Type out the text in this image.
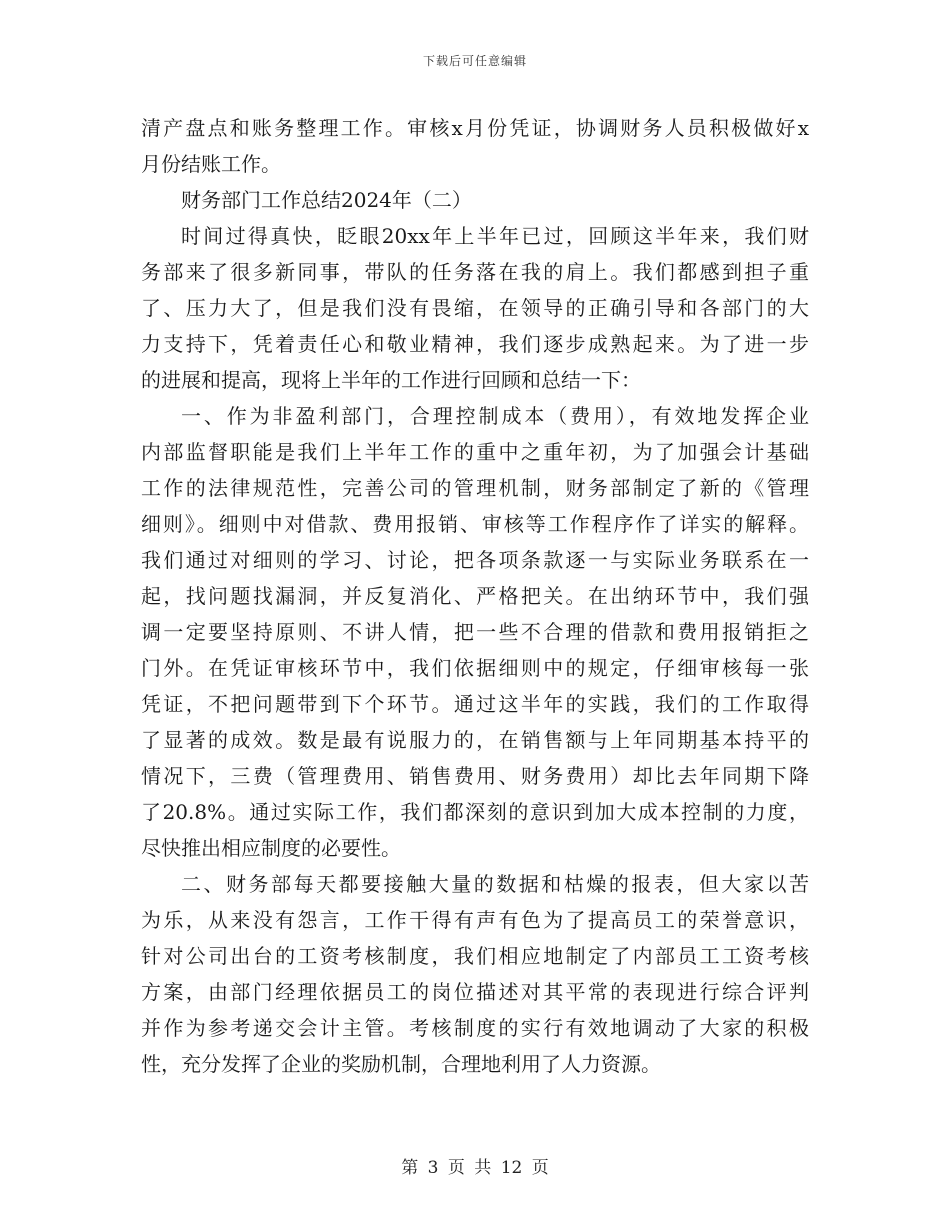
下载后可任意编辑
清产盘点和账务整理工作。审核x月份凭证，协调财务人员积极做好x
月份结账工作。
财务部门工作总结2024年（二）
时间过得真快，眨眼20xx年上半年已过，回顾这半年来，我们财
务部来了很多新同事，带队的任务落在我的肩上。我们都感到担子重
了、压力大了，但是我们没有畏缩，在领导的正确引导和各部门的大
力支持下，凭着责任心和敬业精神，我们逐步成熟起来。为了进一步
的进展和提高，现将上半年的工作进行回顾和总结一下：
一、作为非盈利部门，合理控制成本（费用），有效地发挥企业
内部监督职能是我们上半年工作的重中之重年初，为了加强会计基础
工作的法律规范性，完善公司的管理机制，财务部制定了新的《管理
细则》。细则中对借款、费用报销、审核等工作程序作了详实的解释。
我们通过对细则的学习、讨论，把各项条款逐一与实际业务联系在一
起，找问题找漏洞，并反复消化、严格把关。在出纳环节中，我们强
调一定要坚持原则、不讲人情，把一些不合理的借款和费用报销拒之
门外。在凭证审核环节中，我们依据细则中的规定，仔细审核每一张
凭证，不把问题带到下个环节。通过这半年的实践，我们的工作取得
了显著的成效。数是最有说服力的，在销售额与上年同期基本持平的
情况下，三费（管理费用、销售费用、财务费用）却比去年同期下降
了20.8%。通过实际工作，我们都深刻的意识到加大成本控制的力度，
尽快推出相应制度的必要性。
二、财务部每天都要接触大量的数据和枯燥的报表，但大家以苦
为乐，从来没有怨言，工作干得有声有色为了提高员工的荣誉意识，
针对公司出台的工资考核制度，我们相应地制定了内部员工工资考核
方案，由部门经理依据员工的岗位描述对其平常的表现进行综合评判
并作为参考递交会计主管。考核制度的实行有效地调动了大家的积极
性，充分发挥了企业的奖励机制，合理地利用了人力资源。
第 3 页 共 12 页
